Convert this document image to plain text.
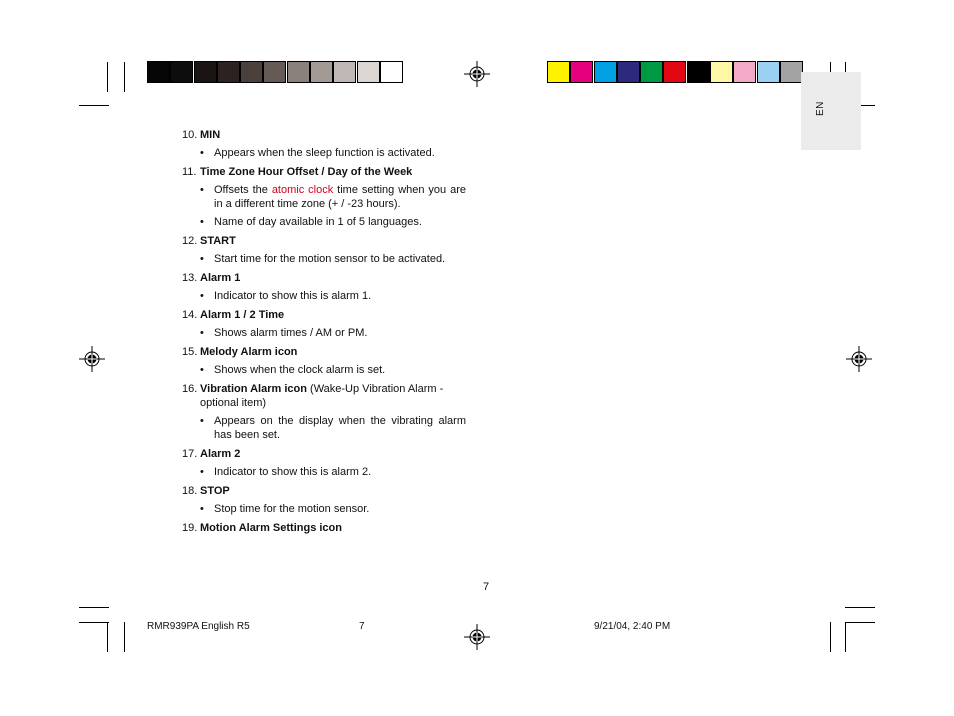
EN
10. MIN
• Appears when the sleep function is activated.
11. Time Zone Hour Offset / Day of the Week
• Offsets the atomic clock time setting when you are in a different time zone (+ / -23 hours).
• Name of day available in 1 of 5 languages.
12. START
• Start time for the motion sensor to be activated.
13. Alarm 1
• Indicator to show this is alarm 1.
14. Alarm 1 / 2 Time
• Shows alarm times / AM or PM.
15. Melody Alarm icon
• Shows when the clock alarm is set.
16. Vibration Alarm icon (Wake-Up Vibration Alarm - optional item)
• Appears on the display when the vibrating alarm has been set.
17. Alarm 2
• Indicator to show this is alarm 2.
18. STOP
• Stop time for the motion sensor.
19. Motion Alarm Settings icon
7
RMR939PA English R5	7	9/21/04, 2:40 PM
